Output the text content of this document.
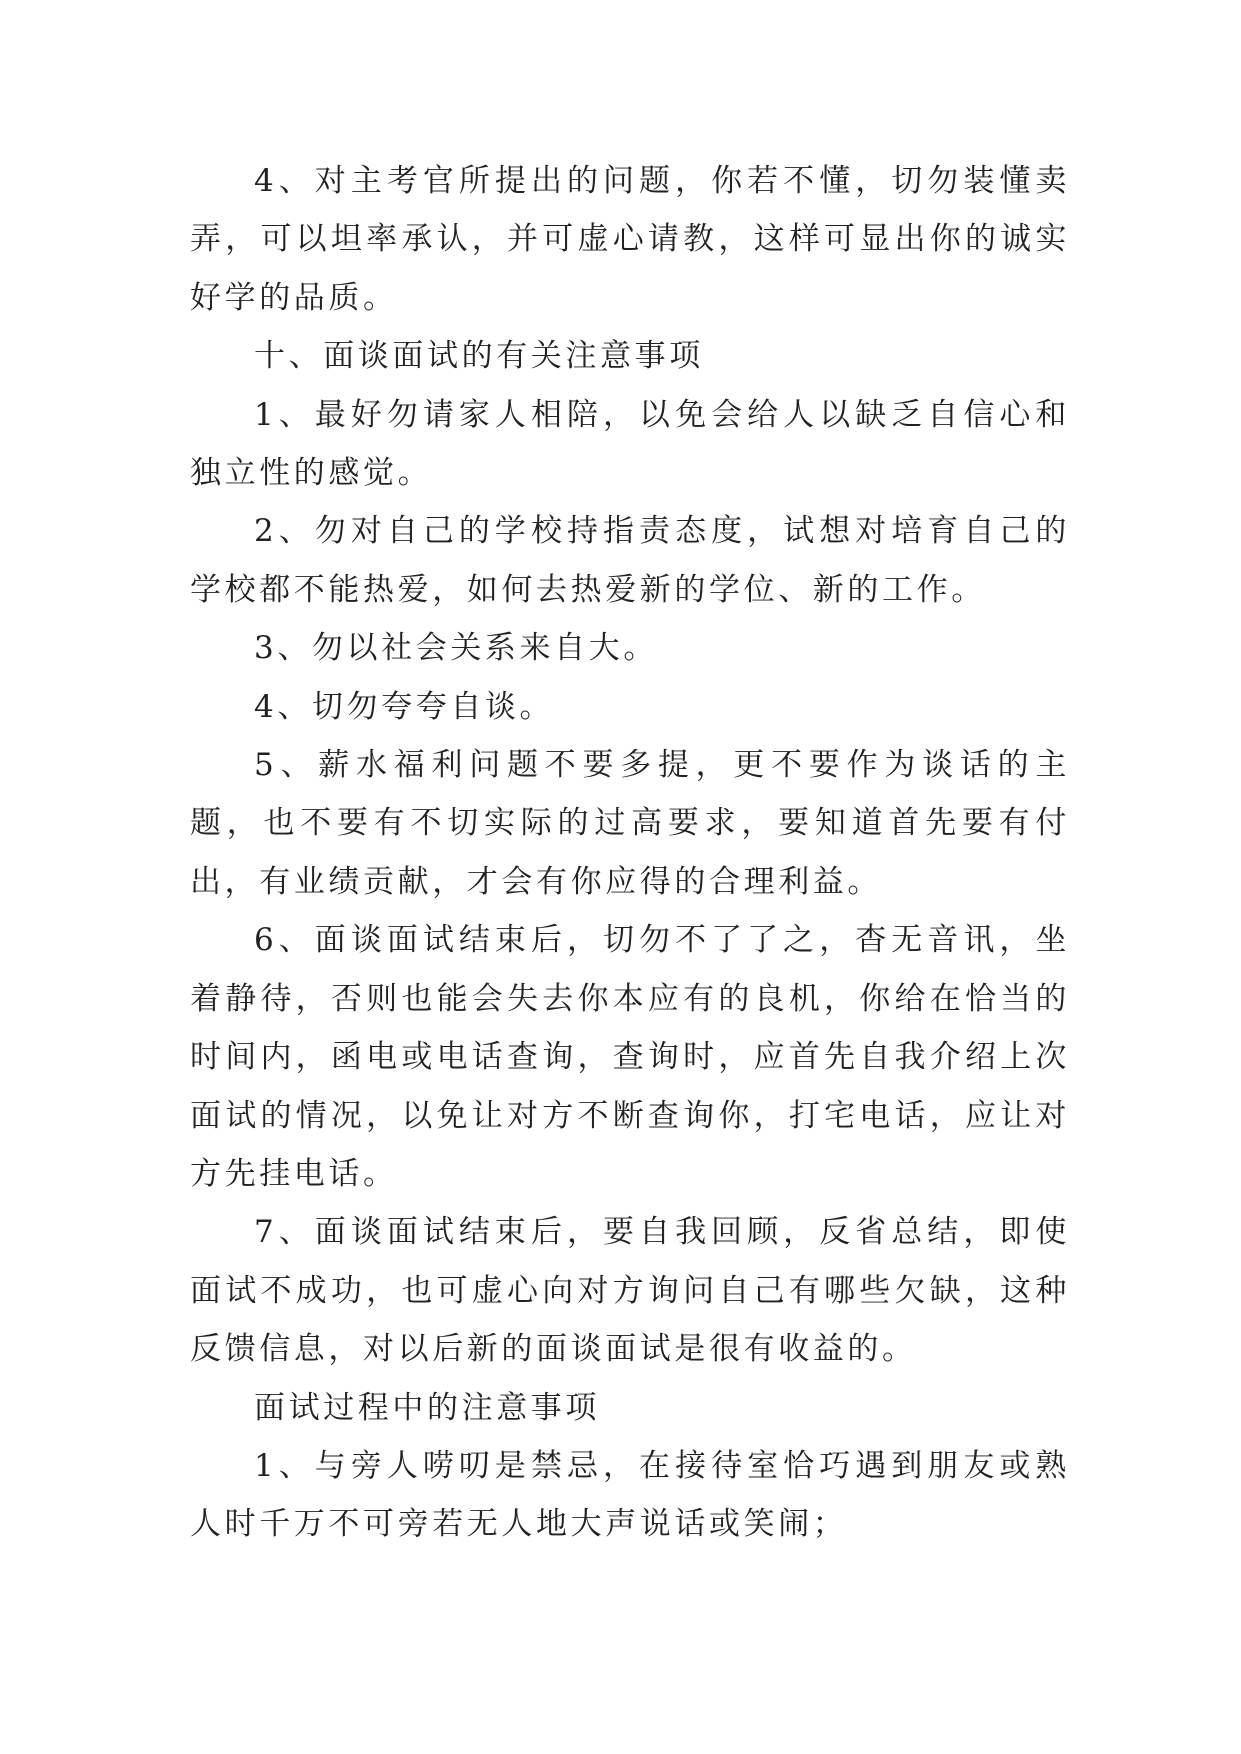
4、对主考官所提出的问题，你若不懂，切勿装懂卖弄，可以坦率承认，并可虚心请教，这样可显出你的诚实好学的品质。

十、面谈面试的有关注意事项

1、最好勿请家人相陪，以免会给人以缺乏自信心和独立性的感觉。

2、勿对自己的学校持指责态度，试想对培育自己的学校都不能热爱，如何去热爱新的学位、新的工作。

3、勿以社会关系来自大。

4、切勿夸夸自谈。

5、薪水福利问题不要多提，更不要作为谈话的主题，也不要有不切实际的过高要求，要知道首先要有付出，有业绩贡献，才会有你应得的合理利益。

6、面谈面试结束后，切勿不了了之，杳无音讯，坐着静待，否则也能会失去你本应有的良机，你给在恰当的时间内，函电或电话查询，查询时，应首先自我介绍上次面试的情况，以免让对方不断查询你，打宅电话，应让对方先挂电话。

7、面谈面试结束后，要自我回顾，反省总结，即使面试不成功，也可虚心向对方询问自己有哪些欠缺，这种反馈信息，对以后新的面谈面试是很有收益的。

面试过程中的注意事项

1、与旁人唠叨是禁忌，在接待室恰巧遇到朋友或熟人时千万不可旁若无人地大声说话或笑闹；
